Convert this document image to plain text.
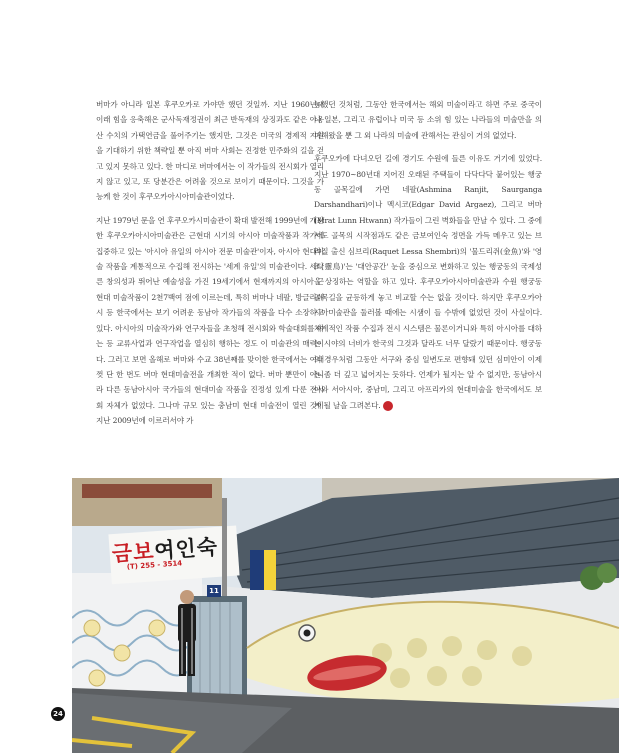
버마가 아니라 일본 후쿠오카로 가야만 했던 것일까. 지난 1960년대 이래 힘을 응축해온 군사독재정권이 최근 반독재의 상징과도 같은 아웅산 수치의 가택연금을 풀어주기는 했지만, 그것은 미국의 경제적 지원을 기대하기 위한 책략일 뿐 아직 버마 사회는 진정한 민주화의 길을 걷고 있지 못하고 있다. 한 마디로 버마에서는 이 작가들의 전시회가 열리지 않고 있고, 또 당분간은 어려울 것으로 보이기 때문이다. 그것을 가능케 한 것이 후쿠오카아시아미술관이었다.

지난 1979년 문을 연 후쿠오카시미술관이 확대 발전해 1999년에 개관한 후쿠오카아시아미술관은 근현대 시기의 아시아 미술작품과 작가에 집중하고 있는 '아시아 유일의 아시아 전문 미술관'이자, 아시아 현대미술 작품을 계통적으로 수집해 전시하는 '세계 유일'의 미술관이다. 세다른 창의성과 뛰어난 예술성을 가진 19세기에서 현재까지의 아시아 근현대 미술작품이 2천7백여 점에 이르는데, 특히 버마나 네팔, 방글라데시 등 한국에서는 보기 어려운 동남아 작가들의 작품을 다수 소장하고 있다. 아시아의 미술작가와 연구자들을 초청해 전시회와 학술대회를 여는 등 교류사업과 연구작업을 열심히 행하는 정도 이 미술관의 매력이다. 그러고 보면 올해로 버마와 수교 38년째를 맞이한 한국에서는 여태껏 단 한 번도 버마 현대미술전을 개최한 적이 없다. 버마 뿐만이 아니라 다른 동남아시아 국가들의 현대미술 작품을 진정성 있게 다룬 전시회 자체가 없었다. 그나마 규모 있는 충남미 현대 미술전이 열린 것이 지난 2009년에 이르러서야 가

능했던 것처럼, 그동안 한국에서는 해외 미술이라고 하면 주로 중국이나 일본, 그리고 유럽이나 미국 등 소위 힘 있는 나라들의 미술만을 의미해왔을 뿐 그 외 나라의 미술에 관해서는 관심이 거의 없었다.

후쿠오카에 다녀오던 길에 경기도 수원에 들른 이유도 거기에 있었다. 지난 1970~80년대 지어진 오래된 주택들이 다닥다닥 붙어있는 행궁동 골목길에 가면 네팔(Ashmina Ranjit, Saurganga Darshandhari)이나 멕시코(Edgar David Argaez), 그리고 버마(Mrat Lunn Htwann) 작가들이 그린 벽화들을 만날 수 있다. 그 중에서도 골목의 시작점과도 같은 금보여인숙 정면을 가득 메우고 있는 브라질 출신 심브리(Raquet Lessa Shembri)의 '물드리쥐(金魚)'와 '영조(靈鳥)'는 '대안공간' 눈을 중심으로 변화하고 있는 행궁동의 국제성을 상징하는 역할을 하고 있다. 후쿠오카아시아미술관과 수원 행궁동 골목길을 균등하게 놓고 비교할 수는 없을 것이다. 하지만 후쿠오카아시아미술관을 둘러볼 때에는 시샘이 들 수밖에 없었던 것이 사실이다. 체계적인 작품 수집과 전시 시스템은 물론이거니와 특히 아시아를 대하는 시야의 너비가 한국의 그것과 달라도 너무 달랐기 때문이다. 행궁동의 경우처럼 그동안 서구와 중심 일변도로 편향돼 있던 심미안이 이제는 좀 더 깊고 넓어지는 듯하다. 언제가 될지는 알 수 없지만, 동남아시아와 서아시아, 중남미, 그리고 아프리카의 현대미술을 한국에서도 보게 될 날을 그려본다.

금보여인숙
(T) 255 - 3514
11
24
